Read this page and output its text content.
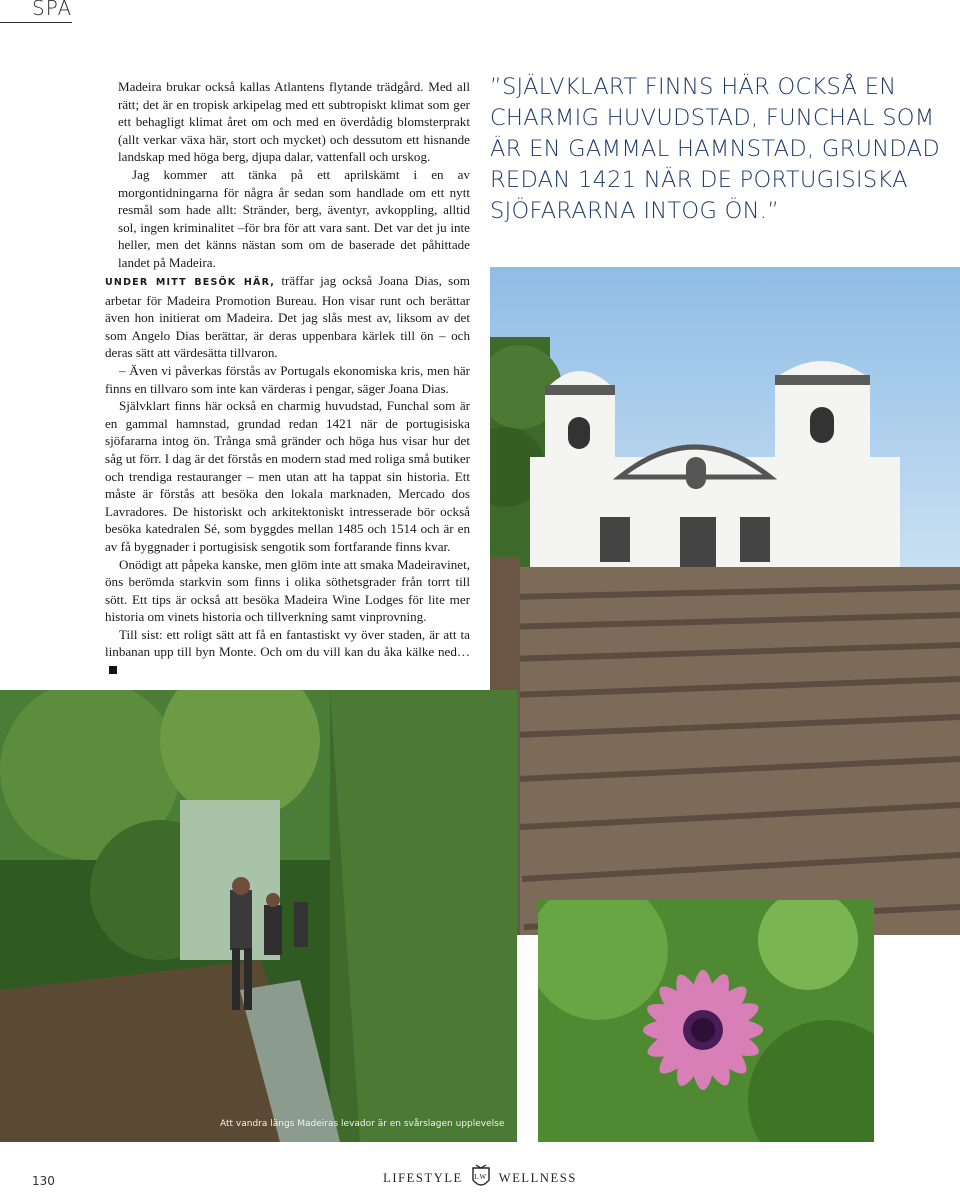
SPA

Madeira brukar också kallas Atlantens flytande trädgård. Med all rätt; det är en tropisk arkipelag med ett subtropiskt klimat som ger ett behagligt klimat året om och med en överdådig blomsterprakt (allt verkar växa här, stort och mycket) och dessutom ett hisnande landskap med höga berg, djupa dalar, vattenfall och urskog.

Jag kommer att tänka på ett aprilskämt i en av morgontidningarna för några år sedan som handlade om ett nytt resmål som hade allt: Stränder, berg, äventyr, avkoppling, alltid sol, ingen kriminalitet –för bra för att vara sant. Det var det ju inte heller, men det känns nästan som om de baserade det påhittade landet på Madeira.

”SJÄLVKLART FINNS HÄR OCKSÅ EN CHARMIG HUVUDSTAD, FUNCHAL SOM ÄR EN GAMMAL HAMNSTAD, GRUNDAD REDAN 1421 NÄR DE PORTUGISISKA SJÖFARARNA INTOG ÖN.”

UNDER MITT BESÖK HÄR, träffar jag också Joana Dias, som arbetar för Madeira Promotion Bureau. Hon visar runt och berättar även hon initierat om Madeira. Det jag slås mest av, liksom av det som Angelo Dias berättar, är deras uppenbara kärlek till ön – och deras sätt att värdesätta tillvaron.

– Även vi påverkas förstås av Portugals ekonomiska kris, men här finns en tillvaro som inte kan värderas i pengar, säger Joana Dias.

Självklart finns här också en charmig huvudstad, Funchal som är en gammal hamnstad, grundad redan 1421 när de portugisiska sjöfararna intog ön. Trånga små gränder och höga hus visar hur det såg ut förr. I dag är det förstås en modern stad med roliga små butiker och trendiga restauranger – men utan att ha tappat sin historia. Ett måste är förstås att besöka den lokala marknaden, Mercado dos Lavradores. De historiskt och arkitektoniskt intresserade bör också besöka katedralen Sé, som byggdes mellan 1485 och 1514 och är en av få byggnader i portugisisk sengotik som fortfarande finns kvar.

Onödigt att påpeka kanske, men glöm inte att smaka Madeiravinet, öns berömda starkvin som finns i olika söthetsgrader från torrt till sött. Ett tips är också att besöka Madeira Wine Lodges för lite mer historia om vinets historia och tillverkning samt vinprovning.

Till sist: ett roligt sätt att få en fantastiskt vy över staden, är att ta linbanan upp till byn Monte. Och om du vill kan du åka kälke ned…

Att vandra längs Madeiras levador är en svårslagen upplevelse
130	LIFESTYLE LW WELLNESS
